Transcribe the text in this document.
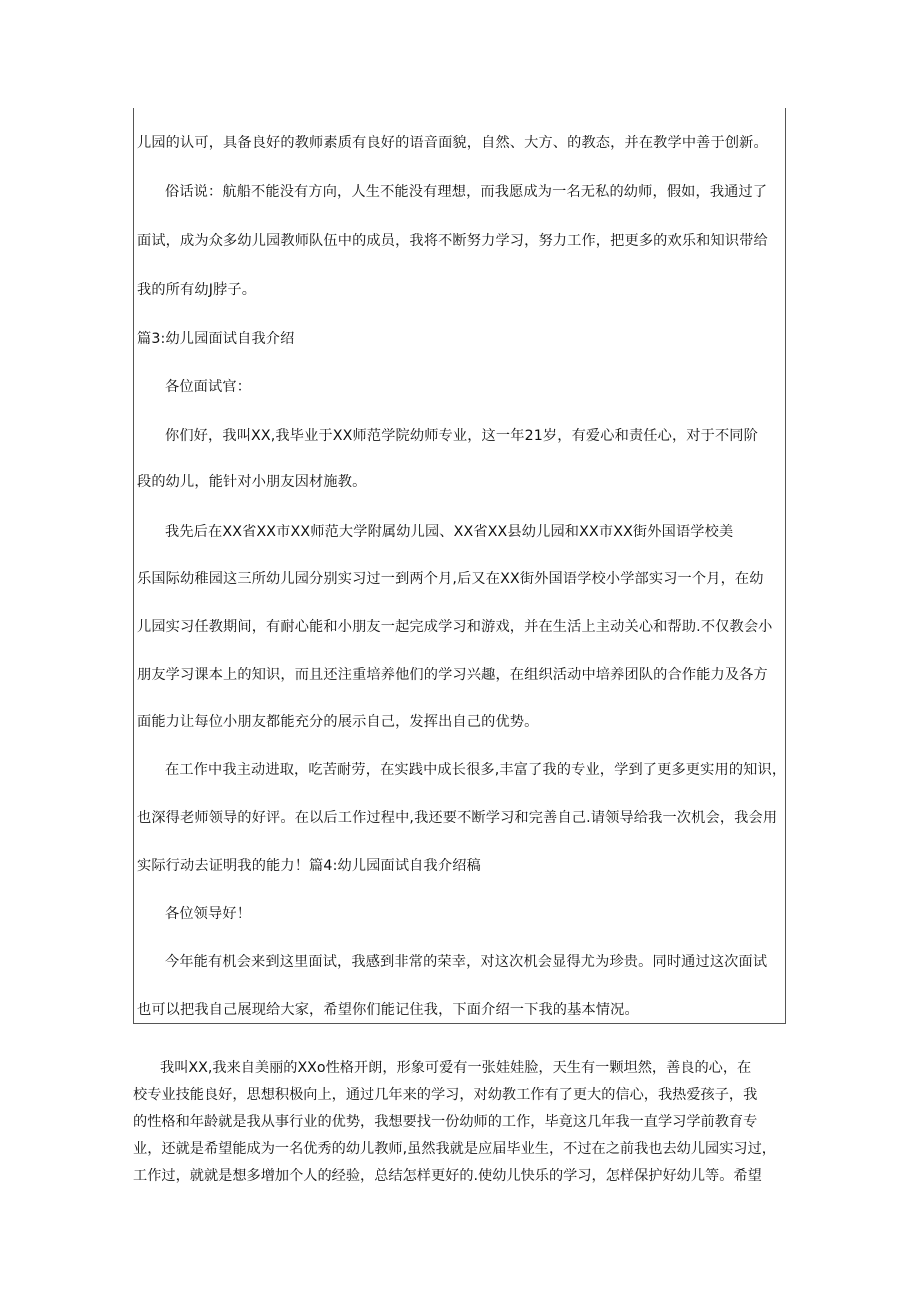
儿园的认可，具备良好的教师素质有良好的语音面貌，自然、大方、的教态，并在教学中善于创新。
俗话说：航船不能没有方向，人生不能没有理想，而我愿成为一名无私的幼师，假如，我通过了
面试，成为众多幼儿园教师队伍中的成员，我将不断努力学习，努力工作，把更多的欢乐和知识带给
我的所有幼J脖子。
篇3:幼儿园面试自我介绍
各位面试官：
你们好，我叫XX,我毕业于XX师范学院幼师专业，这一年21岁，有爱心和责任心，对于不同阶
段的幼儿，能针对小朋友因材施教。
我先后在XX省XX市XX师范大学附属幼儿园、XX省XX县幼儿园和XX市XX街外国语学校美
乐国际幼稚园这三所幼儿园分别实习过一到两个月,后又在XX街外国语学校小学部实习一个月，在幼
儿园实习任教期间，有耐心能和小朋友一起完成学习和游戏，并在生活上主动关心和帮助.不仅教会小
朋友学习课本上的知识，而且还注重培养他们的学习兴趣，在组织活动中培养团队的合作能力及各方
面能力让每位小朋友都能充分的展示自己，发挥出自己的优势。
在工作中我主动进取，吃苦耐劳，在实践中成长很多,丰富了我的专业，学到了更多更实用的知识，
也深得老师领导的好评。在以后工作过程中,我还要不断学习和完善自己.请领导给我一次机会，我会用
实际行动去证明我的能力！篇4:幼儿园面试自我介绍稿
各位领导好！
今年能有机会来到这里面试，我感到非常的荣幸，对这次机会显得尤为珍贵。同时通过这次面试
也可以把我自己展现给大家，希望你们能记住我，下面介绍一下我的基本情况。
我叫XX,我来自美丽的XXo性格开朗，形象可爱有一张娃娃脸，天生有一颗坦然，善良的心，在
校专业技能良好，思想积极向上，通过几年来的学习，对幼教工作有了更大的信心，我热爱孩子，我
的性格和年龄就是我从事行业的优势，我想要找一份幼师的工作，毕竟这几年我一直学习学前教育专
业，还就是希望能成为一名优秀的幼儿教师,虽然我就是应届毕业生，不过在之前我也去幼儿园实习过，
工作过，就就是想多增加个人的经验，总结怎样更好的.使幼儿快乐的学习，怎样保护好幼儿等。希望
